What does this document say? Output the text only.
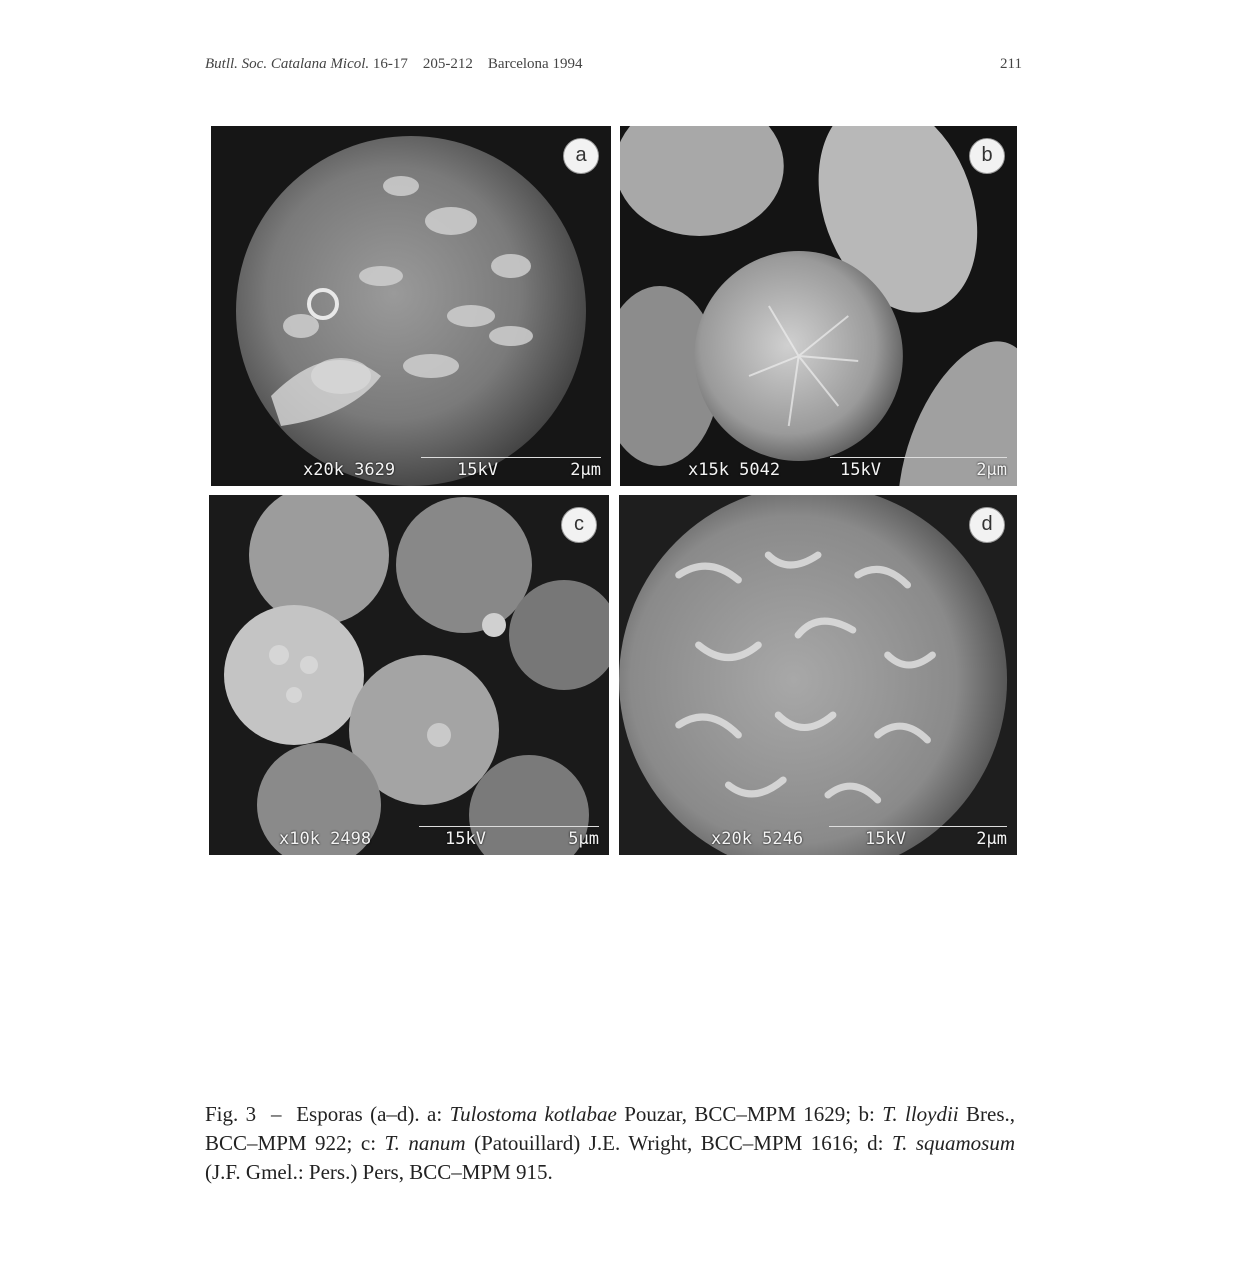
Butll. Soc. Catalana Micol. 16-17 205-212 Barcelona 1994	211
a
x20k 3629	15kV	2µm
b
x15k 5042	15kV	2µm
c
x10k 2498	15kV	5µm
d
x20k 5246	15kV	2µm
Fig. 3 – Esporas (a–d). a: Tulostoma kotlabae Pouzar, BCC–MPM 1629; b: T. lloydii Bres., BCC–MPM 922; c: T. nanum (Patouillard) J.E. Wright, BCC–MPM 1616; d: T. squamosum (J.F. Gmel.: Pers.) Pers, BCC–MPM 915.
